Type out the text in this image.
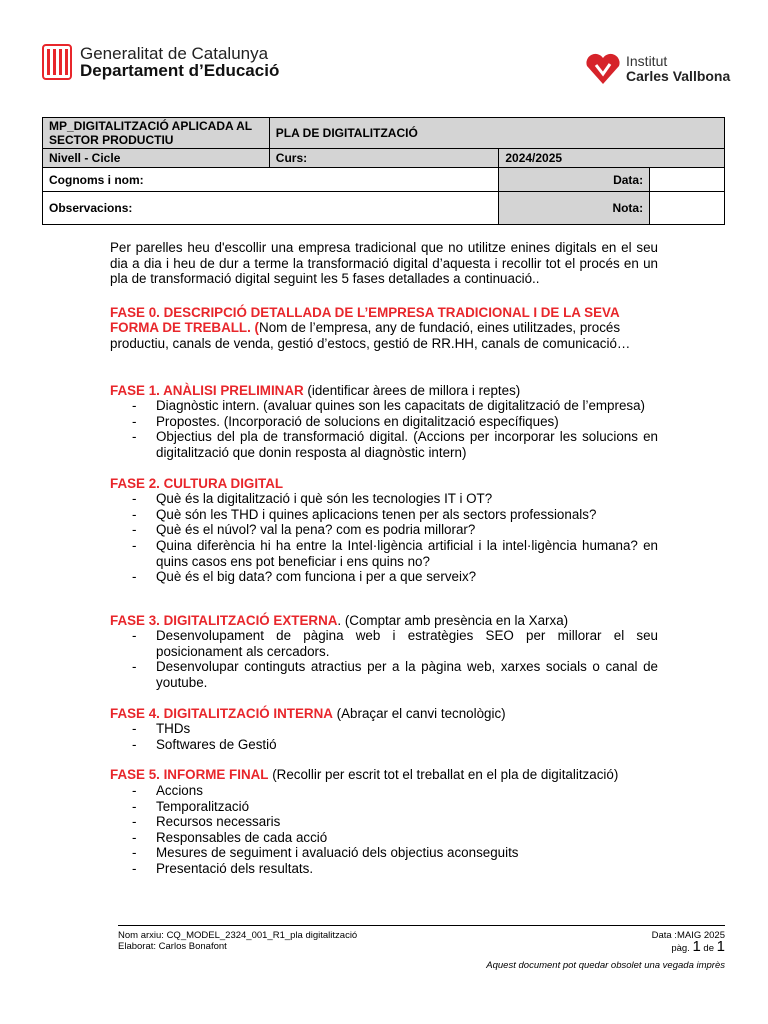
Generalitat de Catalunya
Departament d’Educació	Institut
Carles Vallbona
MP_DIGITALITZACIÓ APLICADA AL SECTOR PRODUCTIU	PLA DE DIGITALITZACIÓ		
Nivell - Cicle	Curs:	2024/2025	
Cognoms i nom:		Data:	
Observacions:		Nota:	

Per parelles heu d'escollir una empresa tradicional que no utilitze enines digitals en el seu dia a dia i heu de dur a terme la transformació digital d’aquesta i recollir tot el procés en un pla de transformació digital seguint les 5 fases detallades a continuació..

FASE 0. DESCRIPCIÓ DETALLADA DE L’EMPRESA TRADICIONAL I DE LA SEVA FORMA DE TREBALL. (Nom de l’empresa, any de fundació, eines utilitzades, procés productiu, canals de venda, gestió d’estocs, gestió de RR.HH, canals de comunicació…

FASE 1. ANÀLISI PRELIMINAR (identificar àrees de millora i reptes)

- Diagnòstic intern. (avaluar quines son les capacitats de digitalització de l’empresa)
- Propostes. (Incorporació de solucions en digitalització específiques)
- Objectius del pla de transformació digital. (Accions per incorporar les solucions en digitalització que donin resposta al diagnòstic intern)

FASE 2. CULTURA DIGITAL

- Què és la digitalització i què són les tecnologies IT i OT?
- Què són les THD i quines aplicacions tenen per als sectors professionals?
- Què és el núvol? val la pena? com es podria millorar?
- Quina diferència hi ha entre la Intel·ligència artificial i la intel·ligència humana? en quins casos ens pot beneficiar i ens quins no?
- Què és el big data? com funciona i per a que serveix?

FASE 3. DIGITALITZACIÓ EXTERNA. (Comptar amb presència en la Xarxa)

- Desenvolupament de pàgina web i estratègies SEO per millorar el seu posicionament als cercadors.
- Desenvolupar continguts atractius per a la pàgina web, xarxes socials o canal de youtube.

FASE 4. DIGITALITZACIÓ INTERNA (Abraçar el canvi tecnològic)

- THDs
- Softwares de Gestió

FASE 5. INFORME FINAL (Recollir per escrit tot el treballat en el pla de digitalització)

- Accions
- Temporalització
- Recursos necessaris
- Responsables de cada acció
- Mesures de seguiment i avaluació dels objectius aconseguits
- Presentació dels resultats.
Nom arxiu: CQ_MODEL_2324_001_R1_pla digitalització
Elaborat: Carlos Bonafont
Data :MAIG 2025
pàg. 1 de 1
Aquest document pot quedar obsolet una vegada imprès
